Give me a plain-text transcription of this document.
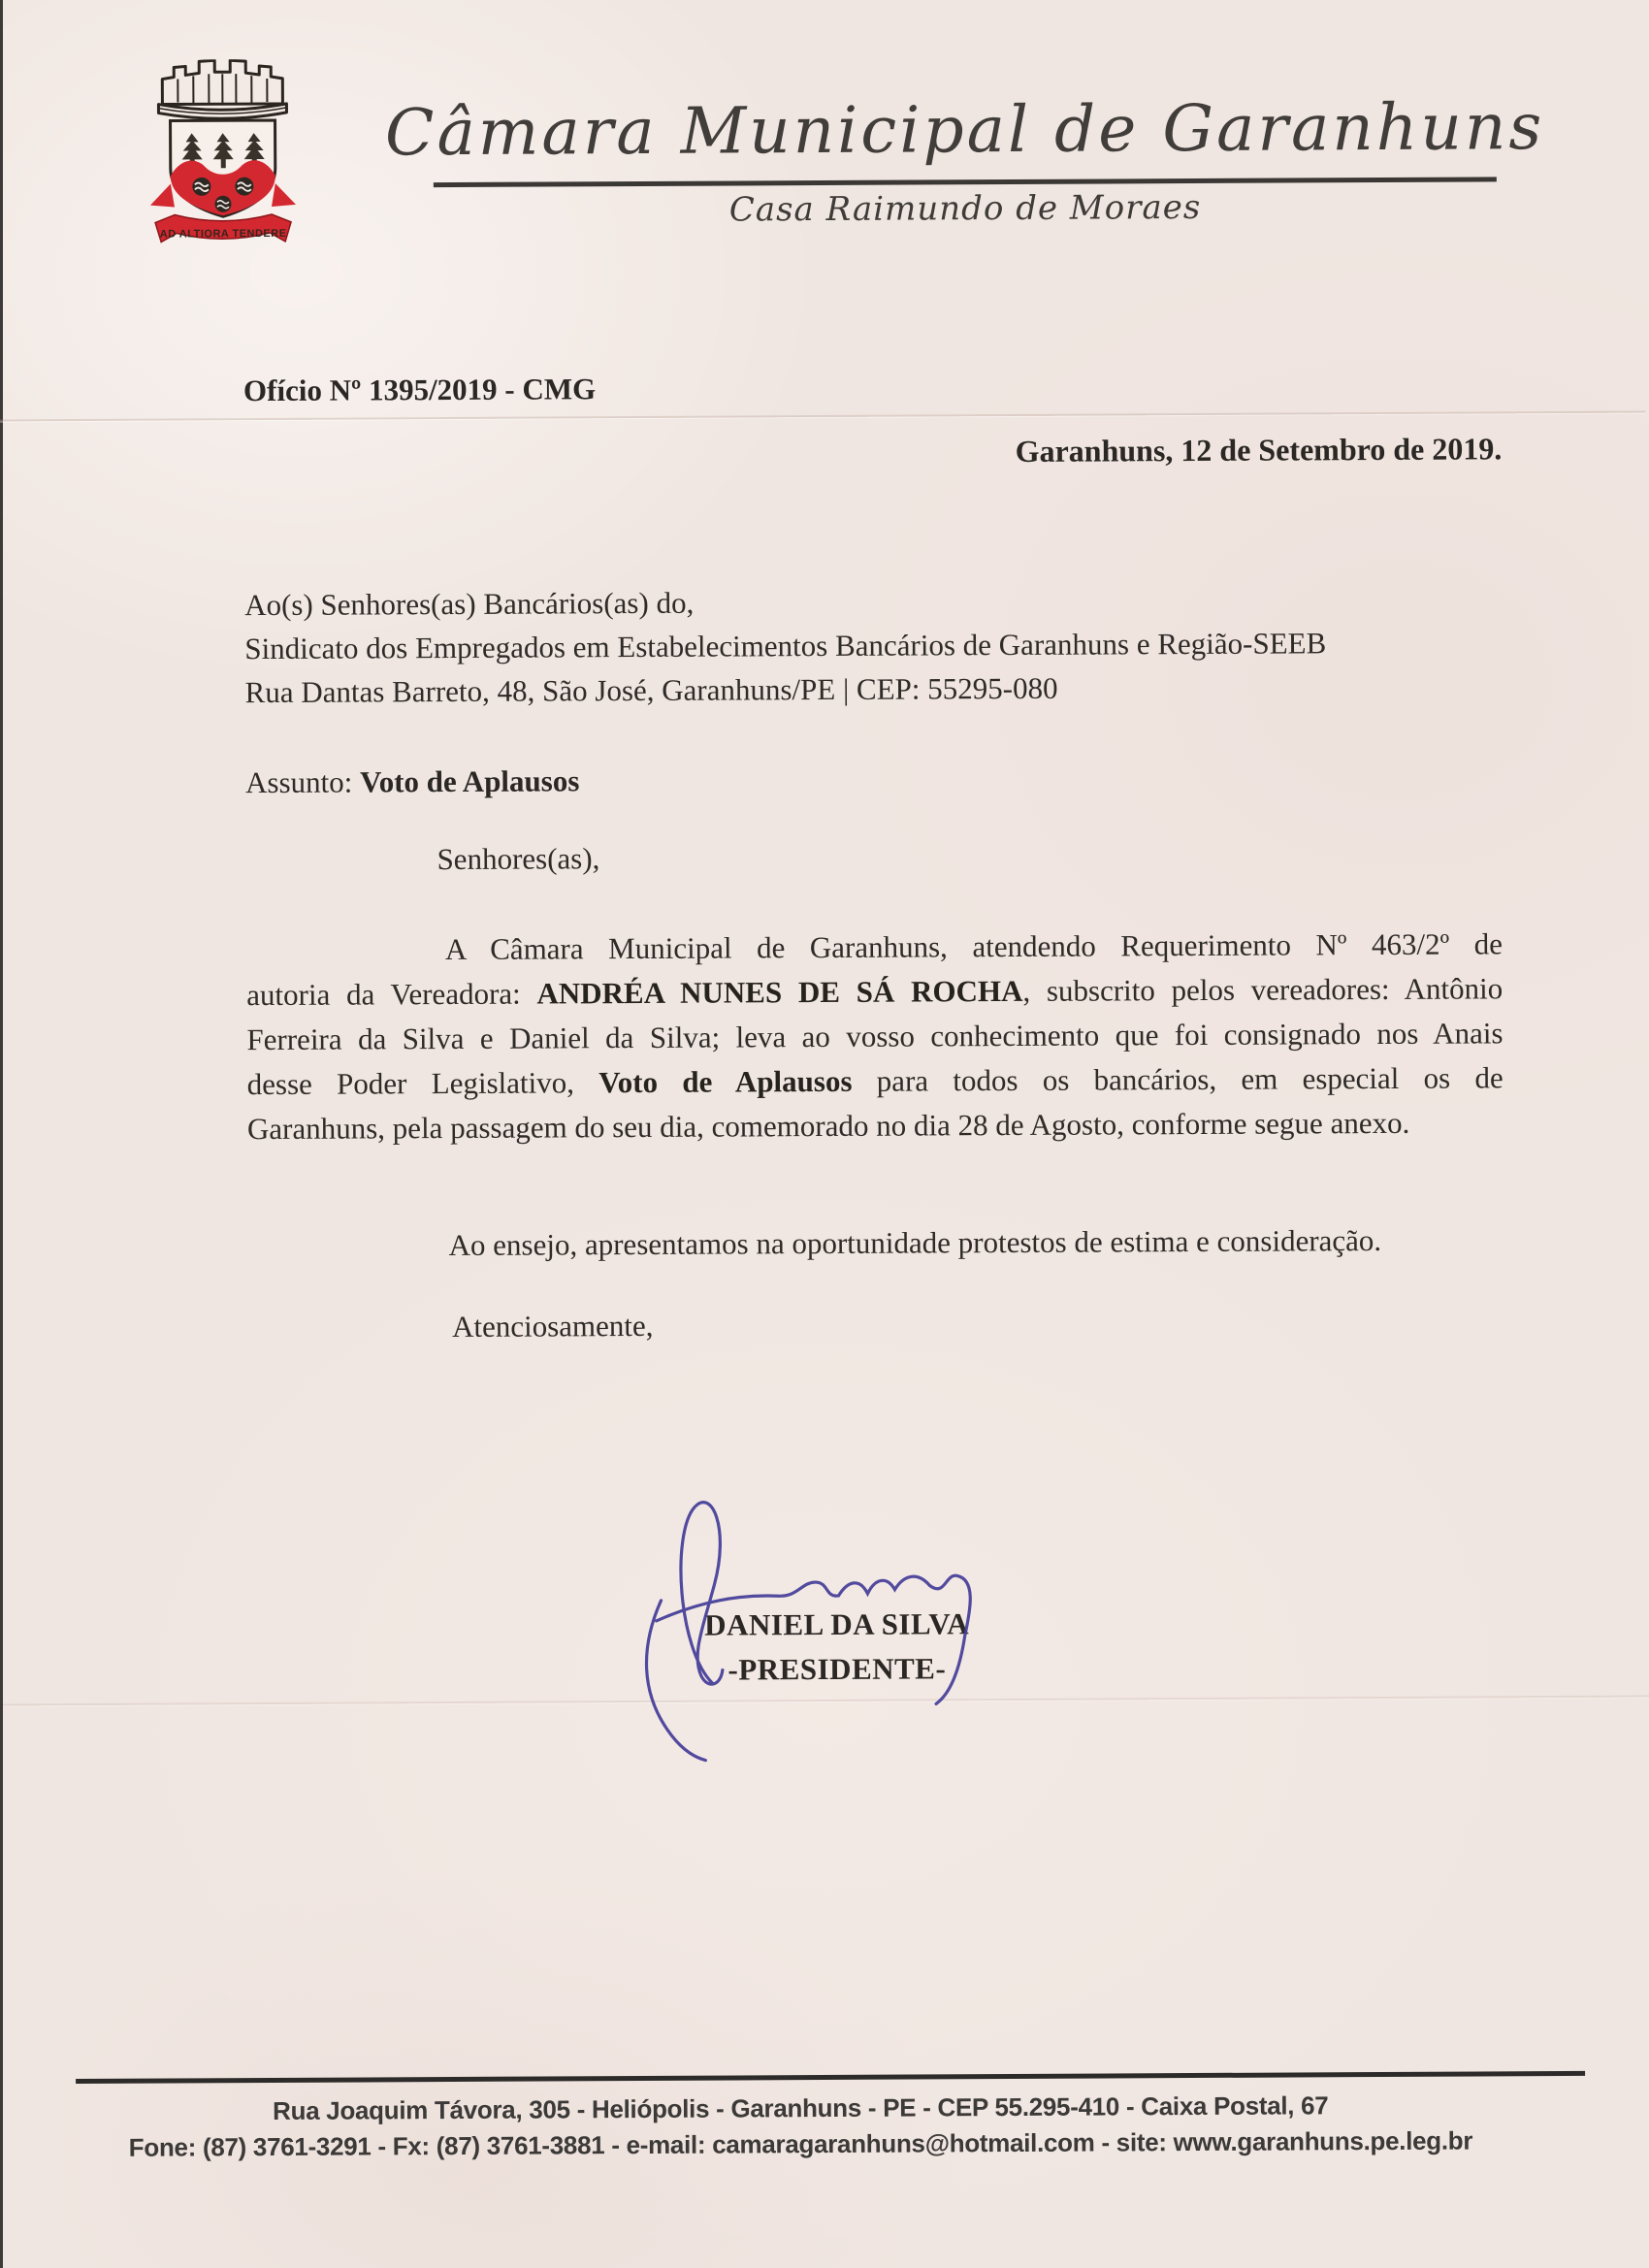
AD ALTIORA TENDERE
Câmara Municipal de Garanhuns
Casa Raimundo de Moraes
Ofício Nº 1395/2019 - CMG
Garanhuns, 12 de Setembro de 2019.
Ao(s) Senhores(as) Bancários(as) do,
Sindicato dos Empregados em Estabelecimentos Bancários de Garanhuns e Região-SEEB
Rua Dantas Barreto, 48, São José, Garanhuns/PE | CEP: 55295-080
Assunto: Voto de Aplausos
Senhores(as),
A Câmara Municipal de Garanhuns, atendendo Requerimento Nº 463/2º de
autoria da Vereadora: ANDRÉA NUNES DE SÁ ROCHA, subscrito pelos vereadores: Antônio
Ferreira da Silva e Daniel da Silva; leva ao vosso conhecimento que foi consignado nos Anais
desse Poder Legislativo, Voto de Aplausos para todos os bancários, em especial os de
Garanhuns, pela passagem do seu dia, comemorado no dia 28 de Agosto, conforme segue anexo.
Ao ensejo, apresentamos na oportunidade protestos de estima e consideração.
Atenciosamente,
DANIEL DA SILVA
-PRESIDENTE-
Rua Joaquim Távora, 305 - Heliópolis - Garanhuns - PE - CEP 55.295-410 - Caixa Postal, 67
Fone: (87) 3761-3291 - Fx: (87) 3761-3881 - e-mail: camaragaranhuns@hotmail.com - site: www.garanhuns.pe.leg.br
